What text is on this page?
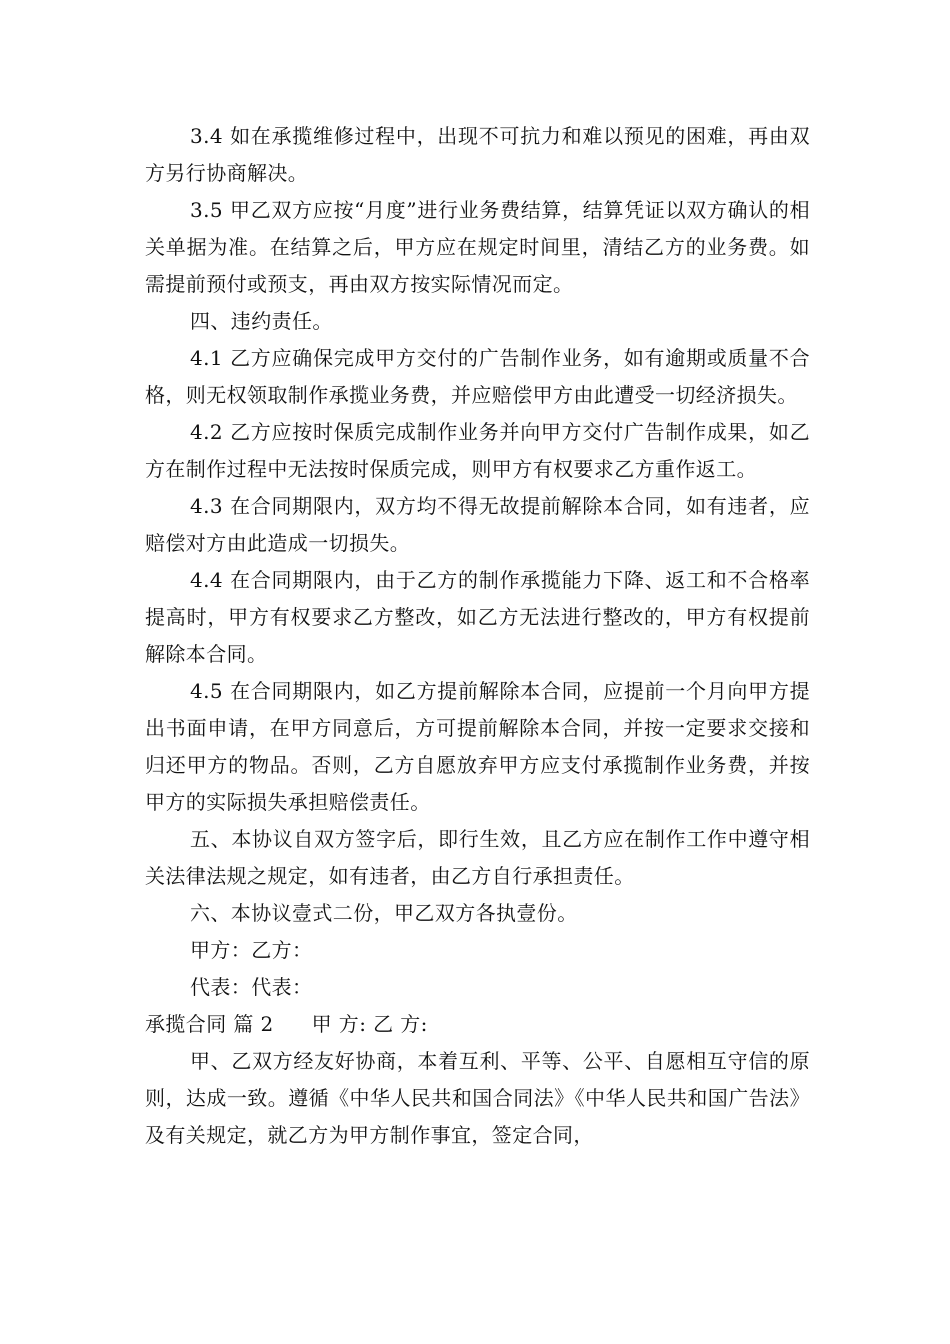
3.4 如在承揽维修过程中，出现不可抗力和难以预见的困难，再由双方另行协商解决。

3.5 甲乙双方应按“月度”进行业务费结算，结算凭证以双方确认的相关单据为准。在结算之后，甲方应在规定时间里，清结乙方的业务费。如需提前预付或预支，再由双方按实际情况而定。

四、违约责任。

4.1 乙方应确保完成甲方交付的广告制作业务，如有逾期或质量不合格，则无权领取制作承揽业务费，并应赔偿甲方由此遭受一切经济损失。

4.2 乙方应按时保质完成制作业务并向甲方交付广告制作成果，如乙方在制作过程中无法按时保质完成，则甲方有权要求乙方重作返工。

4.3 在合同期限内，双方均不得无故提前解除本合同，如有违者，应赔偿对方由此造成一切损失。

4.4 在合同期限内，由于乙方的制作承揽能力下降、返工和不合格率提高时，甲方有权要求乙方整改，如乙方无法进行整改的，甲方有权提前解除本合同。

4.5 在合同期限内，如乙方提前解除本合同，应提前一个月向甲方提出书面申请，在甲方同意后，方可提前解除本合同，并按一定要求交接和归还甲方的物品。否则，乙方自愿放弃甲方应支付承揽制作业务费，并按甲方的实际损失承担赔偿责任。

五、本协议自双方签字后，即行生效，且乙方应在制作工作中遵守相关法律法规之规定，如有违者，由乙方自行承担责任。

六、本协议壹式二份，甲乙双方各执壹份。

甲方：乙方：

代表：代表：

承揽合同 篇 2 甲 方: 乙 方:

甲、乙双方经友好协商，本着互利、平等、公平、自愿相互守信的原则，达成一致。遵循《中华人民共和国合同法》《中华人民共和国广告法》及有关规定，就乙方为甲方制作事宜，签定合同，
